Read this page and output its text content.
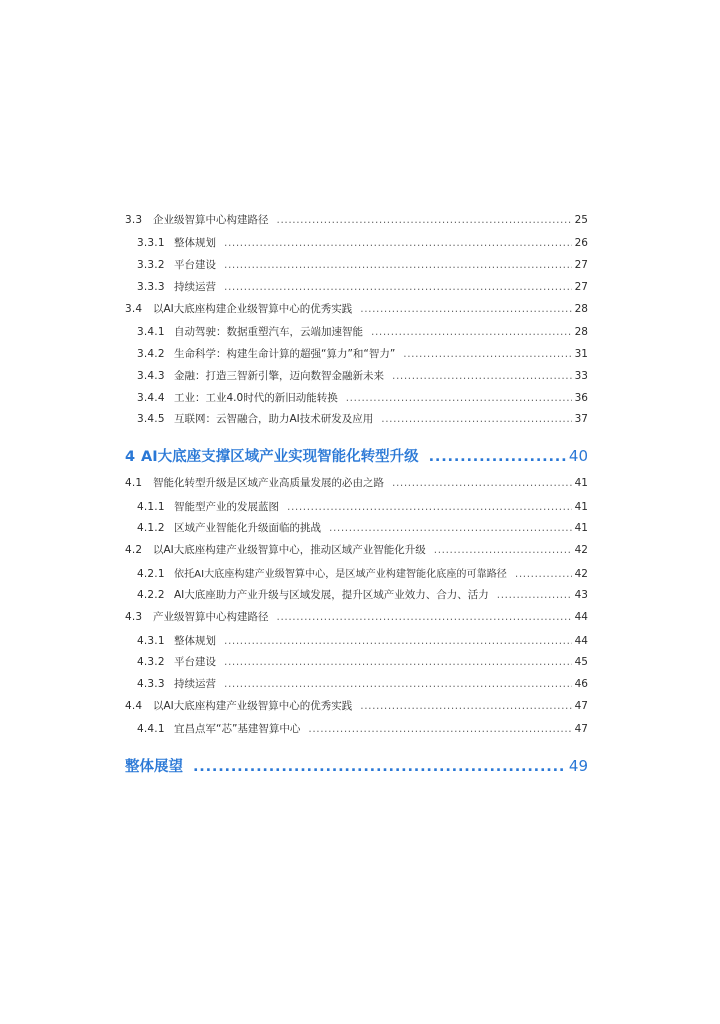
3.3	企业级智算中心构建路径 .....	25
3.3.1 整体规划 .....	26
3.3.2 平台建设 .....	27
3.3.3 持续运营 .....	27
3.4	以AI大底座构建企业级智算中心的优秀实践 .....	28
3.4.1 自动驾驶：数据重塑汽车，云端加速智能 .....	28
3.4.2 生命科学：构建生命计算的超强“算力”和“智力” .....	31
3.4.3 金融：打造三智新引擎，迈向数智金融新未来 .....	33
3.4.4 工业：工业4.0时代的新旧动能转换 .....	36
3.4.5 互联网：云智融合，助力AI技术研发及应用 .....	37
4 AI大底座支撑区域产业实现智能化转型升级 .....	40
4.1	智能化转型升级是区域产业高质量发展的必由之路 .....	41
4.1.1 智能型产业的发展蓝图 .....	41
4.1.2 区域产业智能化升级面临的挑战 .....	41
4.2	以AI大底座构建产业级智算中心，推动区域产业智能化升级 .....	42
4.2.1 依托AI大底座构建产业级智算中心，是区域产业构建智能化底座的可靠路径 .....	42
4.2.2 AI大底座助力产业升级与区域发展，提升区域产业效力、合力、活力 .....	43
4.3	产业级智算中心构建路径 .....	44
4.3.1 整体规划 .....	44
4.3.2 平台建设 .....	45
4.3.3 持续运营 .....	46
4.4	以AI大底座构建产业级智算中心的优秀实践 .....	47
4.4.1 宜昌点军“芯”基建智算中心 .....	47
整体展望 .....	49
